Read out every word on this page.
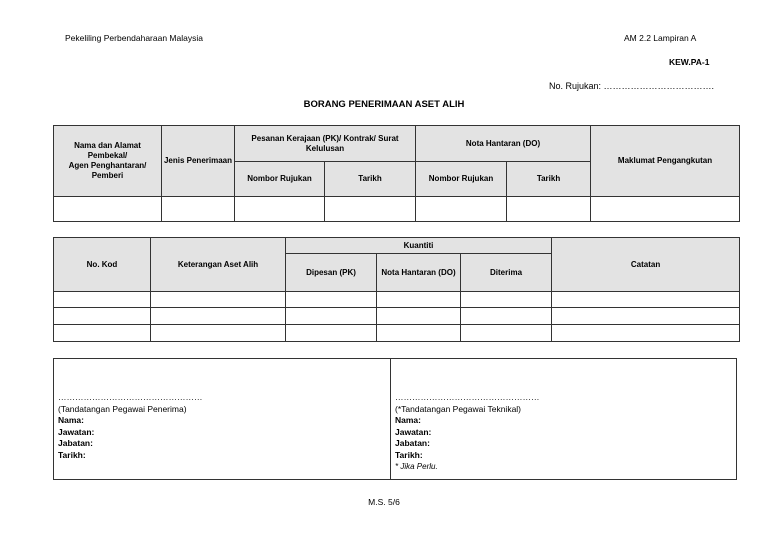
Pekeliling Perbendaharaan Malaysia	AM 2.2 Lampiran A
KEW.PA-1
No. Rujukan: ……………………………….
BORANG PENERIMAAN ASET ALIH
Nama dan Alamat Pembekal/
Agen Penghantaran/ Pemberi	Jenis Penerimaan	Pesanan Kerajaan (PK)/ Kontrak/ Surat Kelulusan		Nota Hantaran (DO)		Maklumat Pengangkutan
		Nombor Rujukan	Tarikh	Nombor Rujukan	Tarikh	

No. Kod	Keterangan Aset Alih	Kuantiti			Catatan
		Dipesan (PK)	Nota Hantaran (DO)	Diterima	

……………………………………………
(Tandatangan Pegawai Penerima)
Nama:
Jawatan:
Jabatan:
Tarikh:
……………………………………………
(*Tandatangan Pegawai Teknikal)
Nama:
Jawatan:
Jabatan:
Tarikh:
* Jika Perlu.
M.S. 5/6
